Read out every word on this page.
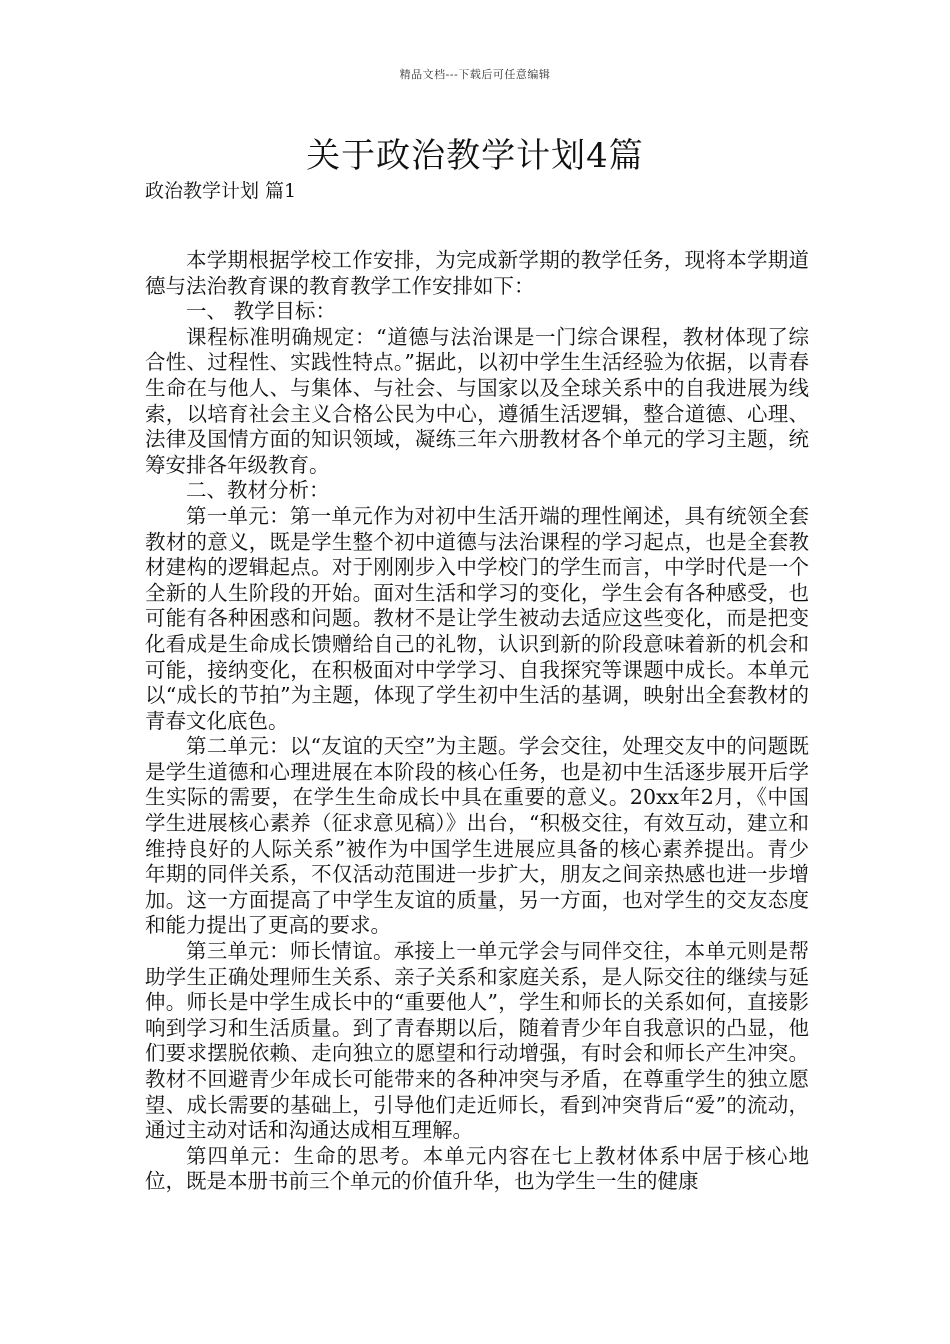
精品文档---下载后可任意编辑
关于政治教学计划4篇
政治教学计划 篇1

本学期根据学校工作安排，为完成新学期的教学任务，现将本学期道德与法治教育课的教育教学工作安排如下：

一、 教学目标：

课程标准明确规定：“道德与法治课是一门综合课程，教材体现了综合性、过程性、实践性特点。”据此，以初中学生生活经验为依据，以青春生命在与他人、与集体、与社会、与国家以及全球关系中的自我进展为线索，以培育社会主义合格公民为中心，遵循生活逻辑，整合道德、心理、法律及国情方面的知识领域，凝练三年六册教材各个单元的学习主题，统筹安排各年级教育。

二、教材分析：

第一单元：第一单元作为对初中生活开端的理性阐述，具有统领全套教材的意义，既是学生整个初中道德与法治课程的学习起点，也是全套教材建构的逻辑起点。对于刚刚步入中学校门的学生而言，中学时代是一个全新的人生阶段的开始。面对生活和学习的变化，学生会有各种感受，也可能有各种困惑和问题。教材不是让学生被动去适应这些变化，而是把变化看成是生命成长馈赠给自己的礼物，认识到新的阶段意味着新的机会和可能，接纳变化，在积极面对中学学习、自我探究等课题中成长。本单元以“成长的节拍”为主题，体现了学生初中生活的基调，映射出全套教材的青春文化底色。

第二单元：以“友谊的天空”为主题。学会交往，处理交友中的问题既是学生道德和心理进展在本阶段的核心任务，也是初中生活逐步展开后学生实际的需要，在学生生命成长中具在重要的意义。20xx年2月，《中国学生进展核心素养（征求意见稿）》出台，“积极交往，有效互动，建立和维持良好的人际关系”被作为中国学生进展应具备的核心素养提出。青少年期的同伴关系，不仅活动范围进一步扩大，朋友之间亲热感也进一步增加。这一方面提高了中学生友谊的质量，另一方面，也对学生的交友态度和能力提出了更高的要求。

第三单元：师长情谊。承接上一单元学会与同伴交往，本单元则是帮助学生正确处理师生关系、亲子关系和家庭关系，是人际交往的继续与延伸。师长是中学生成长中的“重要他人”，学生和师长的关系如何，直接影响到学习和生活质量。到了青春期以后，随着青少年自我意识的凸显，他们要求摆脱依赖、走向独立的愿望和行动增强，有时会和师长产生冲突。教材不回避青少年成长可能带来的各种冲突与矛盾，在尊重学生的独立愿望、成长需要的基础上，引导他们走近师长，看到冲突背后“爱”的流动，通过主动对话和沟通达成相互理解。

第四单元：生命的思考。本单元内容在七上教材体系中居于核心地位，既是本册书前三个单元的价值升华，也为学生一生的健康
